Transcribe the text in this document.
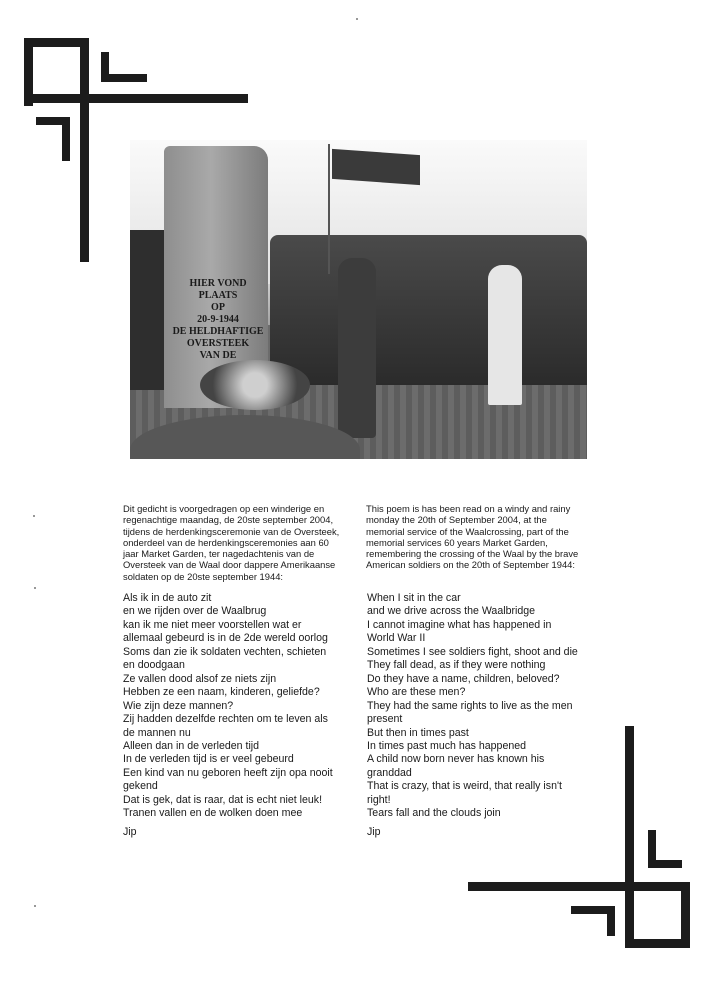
HIER VOND
PLAATS
OP
20-9-1944
DE HELDHAFTIGE
OVERSTEEK
VAN DE

Dit gedicht is voorgedragen op een winderige en regenachtige maandag, de 20ste september 2004, tijdens de herdenkingsceremonie van de Oversteek, onderdeel van de herdenkingsceremonies aan 60 jaar Market Garden, ter nagedachtenis van de Oversteek van de Waal door dappere Amerikaanse soldaten op de 20ste september 1944:

This poem is has been read on a windy and rainy monday the 20th of September 2004, at the memorial service of the Waalcrossing, part of the memorial services 60 years Market Garden, remembering the crossing of the Waal by the brave American soldiers on the 20th of September 1944:

Als ik in de auto zit
en we rijden over de Waalbrug
kan ik me niet meer voorstellen wat er
allemaal gebeurd is in de 2de wereld oorlog
Soms dan zie ik soldaten vechten, schieten
en doodgaan
Ze vallen dood alsof ze niets zijn
Hebben ze een naam, kinderen, geliefde?
Wie zijn deze mannen?
Zij hadden dezelfde rechten om te leven als
de mannen nu
Alleen dan in de verleden tijd
In de verleden tijd is er veel gebeurd
Een kind van nu geboren heeft zijn opa nooit
gekend
Dat is gek, dat is raar, dat is echt niet leuk!
Tranen vallen en de wolken doen mee
When I sit in the car
and we drive across the Waalbridge
I cannot imagine what has happened in
World War II
Sometimes I see soldiers fight, shoot and die
They fall dead, as if they were nothing
Do they have a name, children, beloved?
Who are these men?
They had the same rights to live as the men
present
But then in times past
In times past much has happened
A child now born never has known his
granddad
That is crazy, that is weird, that really isn't
right!
Tears fall and the clouds join
Jip	Jip
